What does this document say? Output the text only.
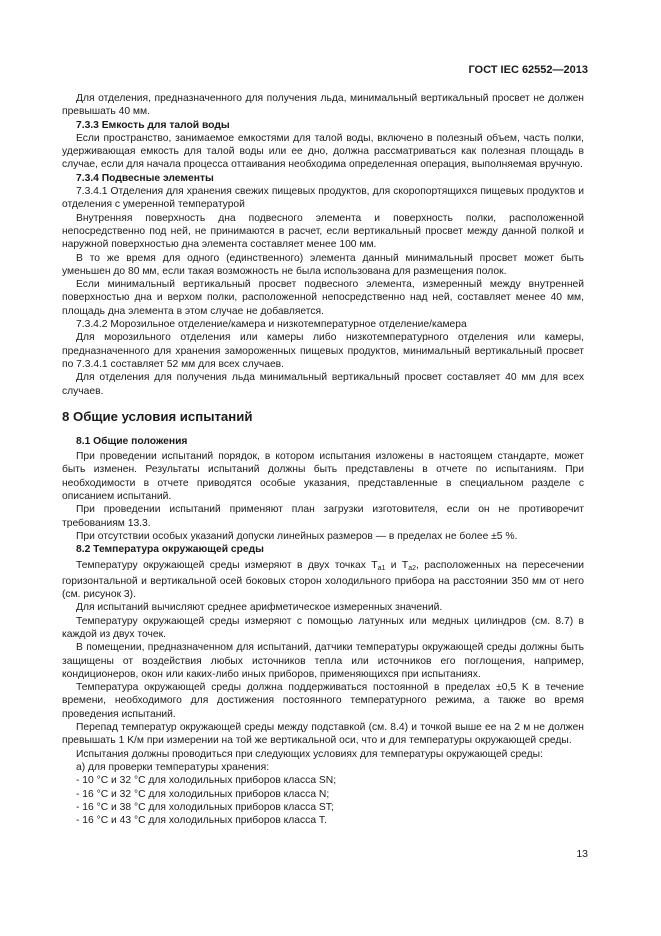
ГОСТ IEC 62552—2013

Для отделения, предназначенного для получения льда, минимальный вертикальный просвет не должен превышать 40 мм.

7.3.3 Емкость для талой воды

Если пространство, занимаемое емкостями для талой воды, включено в полезный объем, часть полки, удерживающая емкость для талой воды или ее дно, должна рассматриваться как полезная площадь в случае, если для начала процесса оттаивания необходима определенная операция, выполняемая вручную.

7.3.4 Подвесные элементы

7.3.4.1 Отделения для хранения свежих пищевых продуктов, для скоропортящихся пищевых продуктов и отделения с умеренной температурой

Внутренняя поверхность дна подвесного элемента и поверхность полки, расположенной непосредственно под ней, не принимаются в расчет, если вертикальный просвет между данной полкой и наружной поверхностью дна элемента составляет менее 100 мм.

В то же время для одного (единственного) элемента данный минимальный просвет может быть уменьшен до 80 мм, если такая возможность не была использована для размещения полок.

Если минимальный вертикальный просвет подвесного элемента, измеренный между внутренней поверхностью дна и верхом полки, расположенной непосредственно над ней, составляет менее 40 мм, площадь дна элемента в этом случае не добавляется.

7.3.4.2 Морозильное отделение/камера и низкотемпературное отделение/камера

Для морозильного отделения или камеры либо низкотемпературного отделения или камеры, предназначенного для хранения замороженных пищевых продуктов, минимальный вертикальный просвет по 7.3.4.1 составляет 52 мм для всех случаев.

Для отделения для получения льда минимальный вертикальный просвет составляет 40 мм для всех случаев.

8 Общие условия испытаний
8.1 Общие положения

При проведении испытаний порядок, в котором испытания изложены в настоящем стандарте, может быть изменен. Результаты испытаний должны быть представлены в отчете по испытаниям. При необходимости в отчете приводятся особые указания, представленные в специальном разделе с описанием испытаний.

При проведении испытаний применяют план загрузки изготовителя, если он не противоречит требованиям 13.3.

При отсутствии особых указаний допуски линейных размеров — в пределах не более ±5 %.

8.2 Температура окружающей среды

Температуру окружающей среды измеряют в двух точках $T_{a1}$ и $T_{a2}$, расположенных на пересечении горизонтальной и вертикальной осей боковых сторон холодильного прибора на расстоянии 350 мм от него (см. рисунок 3).

Для испытаний вычисляют среднее арифметическое измеренных значений.

Температуру окружающей среды измеряют с помощью латунных или медных цилиндров (см. 8.7) в каждой из двух точек.

В помещении, предназначенном для испытаний, датчики температуры окружающей среды должны быть защищены от воздействия любых источников тепла или источников его поглощения, например, кондиционеров, окон или каких-либо иных приборов, применяющихся при испытаниях.

Температура окружающей среды должна поддерживаться постоянной в пределах ±0,5 K в течение времени, необходимого для достижения постоянного температурного режима, а также во время проведения испытаний.

Перепад температур окружающей среды между подставкой (см. 8.4) и точкой выше ее на 2 м не должен превышать 1 K/м при измерении на той же вертикальной оси, что и для температуры окружающей среды.

Испытания должны проводиться при следующих условиях для температуры окружающей среды:

а) для проверки температуры хранения:

- 10 °С и 32 °С для холодильных приборов класса SN;

- 16 °С и 32 °С для холодильных приборов класса N;

- 16 °С и 38 °С для холодильных приборов класса ST;

- 16 °С и 43 °С для холодильных приборов класса T.

13
